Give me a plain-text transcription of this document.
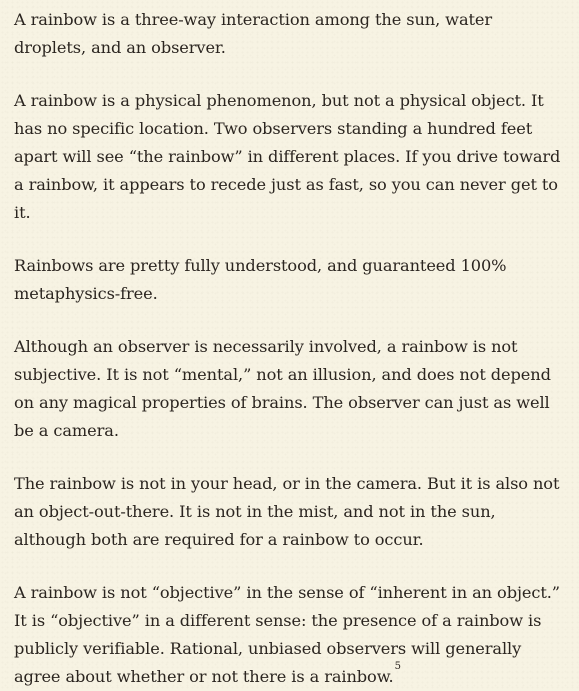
A rainbow is a three-way interaction among the sun, water droplets, and an observer.

A rainbow is a physical phenomenon, but not a physical object. It has no specific location. Two observers standing a hundred feet apart will see “the rainbow” in different places. If you drive toward a rainbow, it appears to recede just as fast, so you can never get to it.

Rainbows are pretty fully understood, and guaranteed 100% metaphysics-free.

Although an observer is necessarily involved, a rainbow is not subjective. It is not “mental,” not an illusion, and does not depend on any magical properties of brains. The observer can just as well be a camera.

The rainbow is not in your head, or in the camera. But it is also not an object-out-there. It is not in the mist, and not in the sun, although both are required for a rainbow to occur.

A rainbow is not “objective” in the sense of “inherent in an object.” It is “objective” in a different sense: the presence of a rainbow is publicly verifiable. Rational, unbiased observers will generally agree about whether or not there is a rainbow.$^5$
